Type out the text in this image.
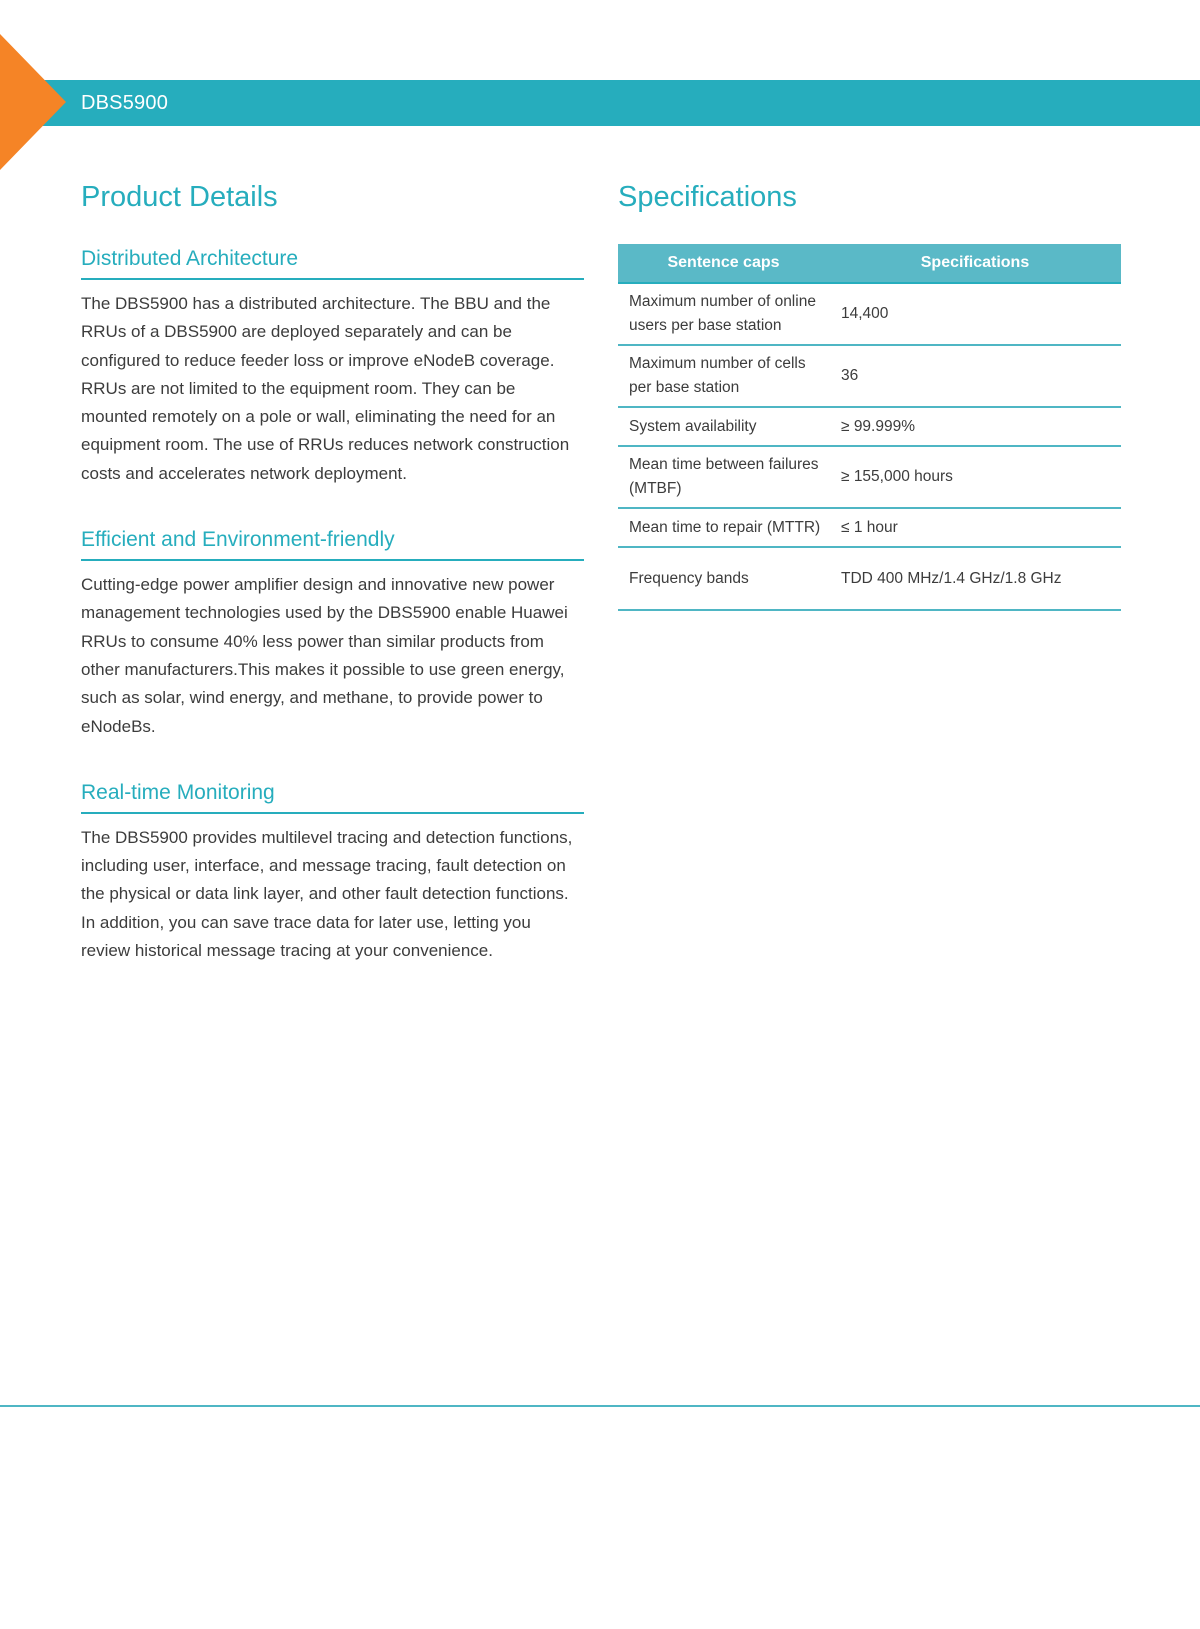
DBS5900
Product Details
Distributed Architecture

The DBS5900 has a distributed architecture. The BBU and the RRUs of a DBS5900 are deployed separately and can be configured to reduce feeder loss or improve eNodeB coverage. RRUs are not limited to the equipment room. They can be mounted remotely on a pole or wall, eliminating the need for an equipment room. The use of RRUs reduces network construction costs and accelerates network deployment.

Efficient and Environment-friendly

Cutting-edge power amplifier design and innovative new power management technologies used by the DBS5900 enable Huawei RRUs to consume 40% less power than similar products from other manufacturers.This makes it possible to use green energy, such as solar, wind energy, and methane, to provide power to eNodeBs.

Real-time Monitoring

The DBS5900 provides multilevel tracing and detection functions, including user, interface, and message tracing, fault detection on the physical or data link layer, and other fault detection functions. In addition, you can save trace data for later use, letting you review historical message tracing at your convenience.

Specifications
Sentence caps	Specifications
Maximum number of online users per base station	14,400
Maximum number of cells per base station	36
System availability	≥ 99.999%
Mean time between failures (MTBF)	≥ 155,000 hours
Mean time to repair (MTTR)	≤ 1 hour
Frequency bands	TDD 400 MHz/1.4 GHz/1.8 GHz
